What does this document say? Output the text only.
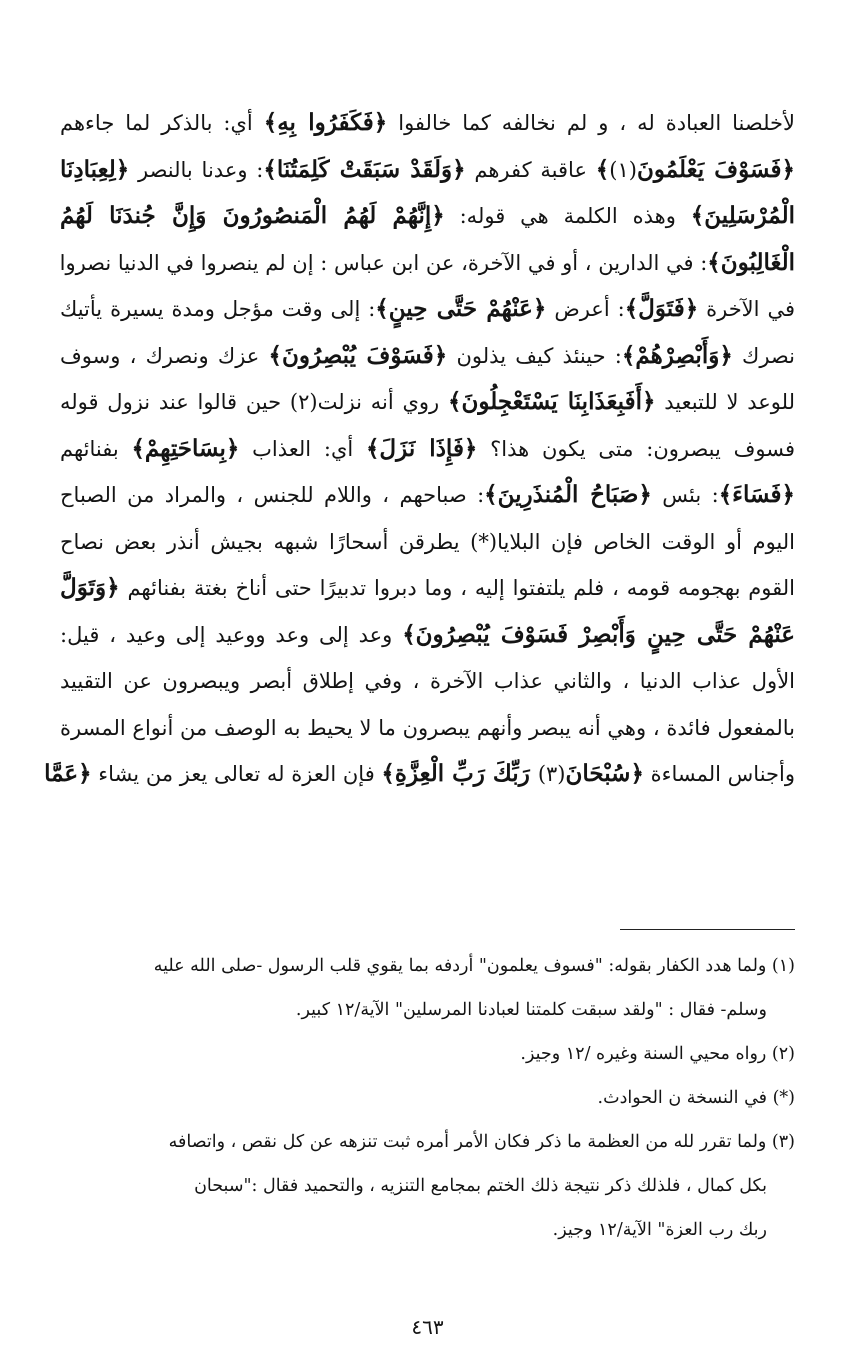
لأخلصنا العبادة له ، و لم نخالفه كما خالفوا ﴿فَكَفَرُوا بِهِ﴾ أي: بالذكر لما جاءهم
﴿فَسَوْفَ يَعْلَمُونَ(١)﴾ عاقبة كفرهم ﴿وَلَقَدْ سَبَقَتْ كَلِمَتُنَا﴾: وعدنا بالنصر ﴿لِعِبَادِنَا
الْمُرْسَلِينَ﴾ وهذه الكلمة هي قوله: ﴿إِنَّهُمْ لَهُمُ الْمَنصُورُونَ وَإِنَّ جُندَنَا لَهُمُ
الْغَالِبُونَ﴾: في الدارين ، أو في الآخرة، عن ابن عباس : إن لم ينصروا في الدنيا نصروا
في الآخرة ﴿فَتَوَلَّ﴾: أعرض ﴿عَنْهُمْ حَتَّى حِينٍ﴾: إلى وقت مؤجل ومدة يسيرة يأتيك
نصرك ﴿وَأَبْصِرْهُمْ﴾: حينئذ كيف يذلون ﴿فَسَوْفَ يُبْصِرُونَ﴾ عزك ونصرك ، وسوف
للوعد لا للتبعيد ﴿أَفَبِعَذَابِنَا يَسْتَعْجِلُونَ﴾ روي أنه نزلت(٢) حين قالوا عند نزول قوله
فسوف يبصرون: متى يكون هذا؟ ﴿فَإِذَا نَزَلَ﴾ أي: العذاب ﴿بِسَاحَتِهِمْ﴾ بفنائهم
﴿فَسَاءَ﴾: بئس ﴿صَبَاحُ الْمُنذَرِينَ﴾: صباحهم ، واللام للجنس ، والمراد من الصباح
اليوم أو الوقت الخاص فإن البلايا(*) يطرقن أسحارًا شبهه بجيش أنذر بعض نصاح
القوم بهجومه قومه ، فلم يلتفتوا إليه ، وما دبروا تدبيرًا حتى أناخ بغتة بفنائهم ﴿وَتَوَلَّ
عَنْهُمْ حَتَّى حِينٍ وَأَبْصِرْ فَسَوْفَ يُبْصِرُونَ﴾ وعد إلى وعد ووعيد إلى وعيد ، قيل:
الأول عذاب الدنيا ، والثاني عذاب الآخرة ، وفي إطلاق أبصر ويبصرون عن التقييد
بالمفعول فائدة ، وهي أنه يبصر وأنهم يبصرون ما لا يحيط به الوصف من أنواع المسرة
وأجناس المساءة ﴿سُبْحَانَ(٣) رَبِّكَ رَبِّ الْعِزَّةِ﴾ فإن العزة له تعالى يعز من يشاء ﴿عَمَّا
(١) ولما هدد الكفار بقوله: "فسوف يعلمون" أردفه بما يقوي قلب الرسول -صلى الله عليه
وسلم- فقال : "ولقد سبقت كلمتنا لعبادنا المرسلين" الآية/١٢ كبير.
(٢) رواه محيي السنة وغيره /١٢ وجيز.
(*) في النسخة ن الحوادث.
(٣) ولما تقرر لله من العظمة ما ذكر فكان الأمر أمره ثبت تنزهه عن كل نقص ، واتصافه
بكل كمال ، فلذلك ذكر نتيجة ذلك الختم بمجامع التنزيه ، والتحميد فقال :"سبحان
ربك رب العزة" الآية/١٢ وجيز.
٤٦٣
